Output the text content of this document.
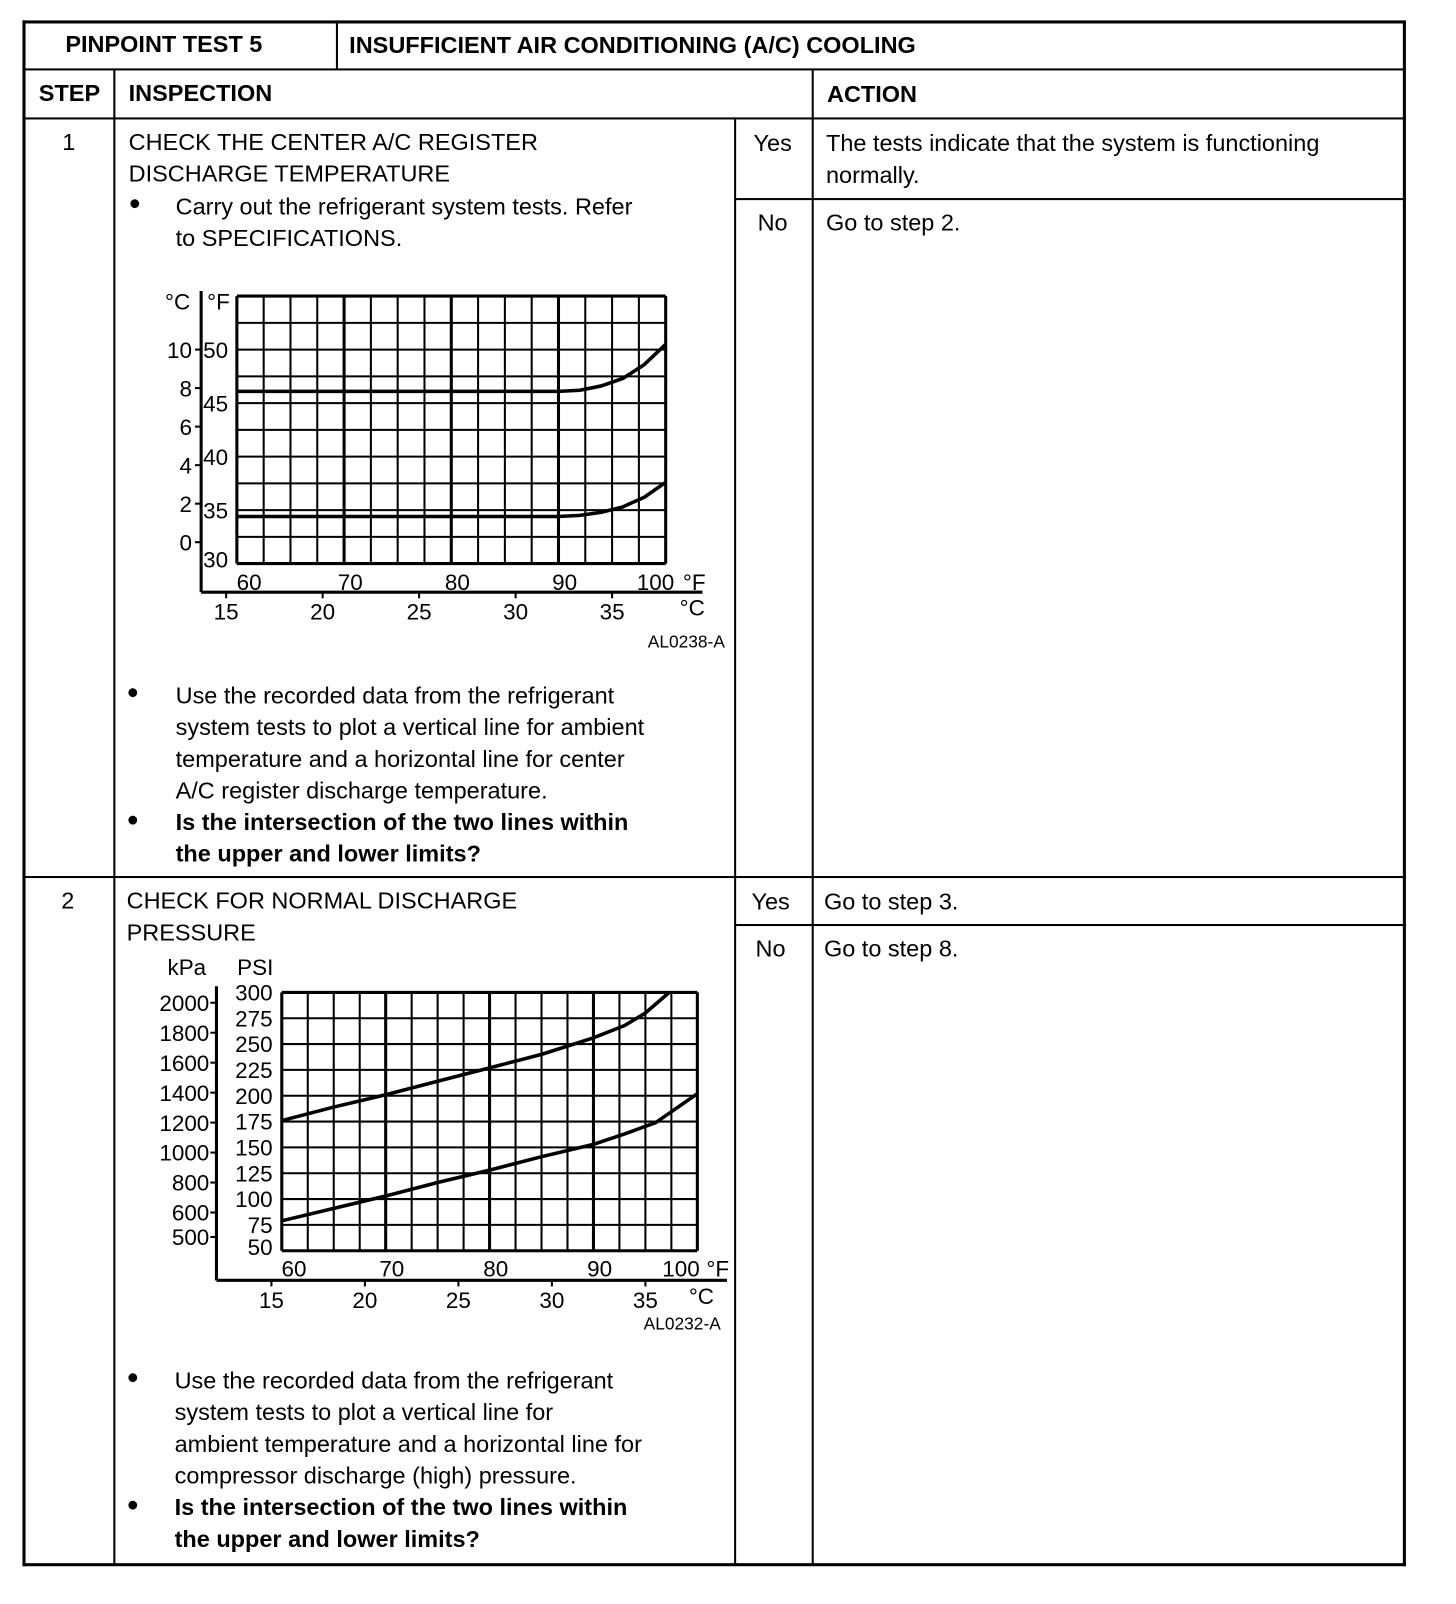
PINPOINT TEST 5	INSUFFICIENT AIR CONDITIONING (A/C) COOLING
STEP INSPECTION	ACTION
1 CHECK THE CENTER A/C REGISTER
DISCHARGE TEMPERATURE
● Carry out the refrigerant system tests. Refer
to SPECIFICATIONS.
● Use the recorded data from the refrigerant
system tests to plot a vertical line for ambient
temperature and a horizontal line for center
A/C register discharge temperature.
● Is the intersection of the two lines within
the upper and lower limits?
Yes The tests indicate that the system is functioning
normally.
No Go to step 2.
2 CHECK FOR NORMAL DISCHARGE
PRESSURE
● Use the recorded data from the refrigerant
system tests to plot a vertical line for
ambient temperature and a horizontal line for
compressor discharge (high) pressure.
● Is the intersection of the two lines within
the upper and lower limits?
Yes Go to step 3.
No Go to step 8.
60	70	80	90	100 °F
15	20	25	30	35	°C
AL0238-A
30
35
40
45
50
0
2
4
6
8
10
°C °F
60	70	80	90 100 °F
15	20	25	30	35 °C
AL0232-A
50
75
100
125
150
175
200
225
250
275
300
2000
1800
1600
1400
1200
1000
800
600
500
kPa PSI
